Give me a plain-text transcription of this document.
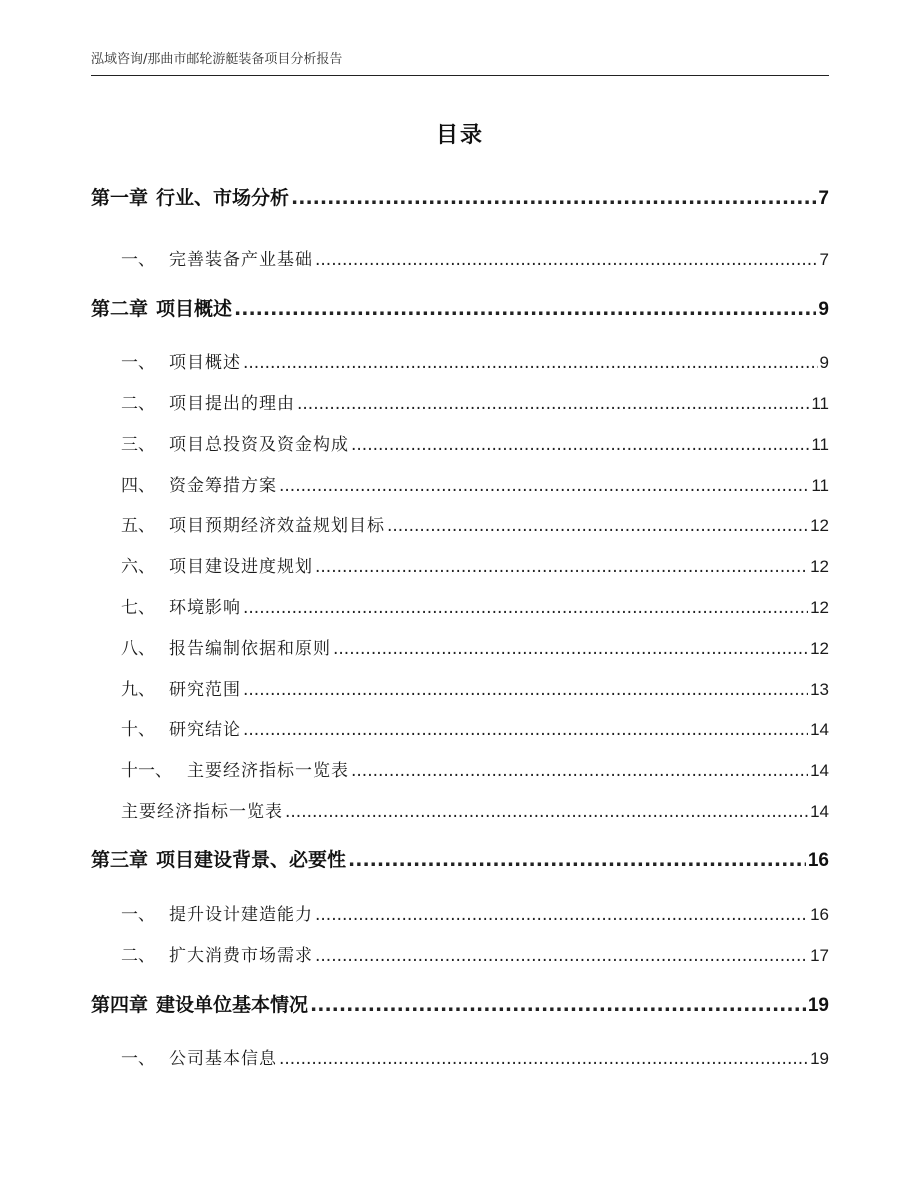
泓域咨询/那曲市邮轮游艇装备项目分析报告
目录
第一章 行业、市场分析 .....	7
一、 完善装备产业基础 .....	7
第二章 项目概述 .....	9
一、 项目概述 .....	9
二、 项目提出的理由 .....	11
三、 项目总投资及资金构成 .....	11
四、 资金筹措方案 .....	11
五、 项目预期经济效益规划目标 .....	12
六、 项目建设进度规划 .....	12
七、 环境影响 .....	12
八、 报告编制依据和原则 .....	12
九、 研究范围 .....	13
十、 研究结论 .....	14
十一、 主要经济指标一览表 .....	14
主要经济指标一览表 .....	14
第三章 项目建设背景、必要性 .....	16
一、 提升设计建造能力 .....	16
二、 扩大消费市场需求 .....	17
第四章 建设单位基本情况 .....	19
一、 公司基本信息 .....	19
